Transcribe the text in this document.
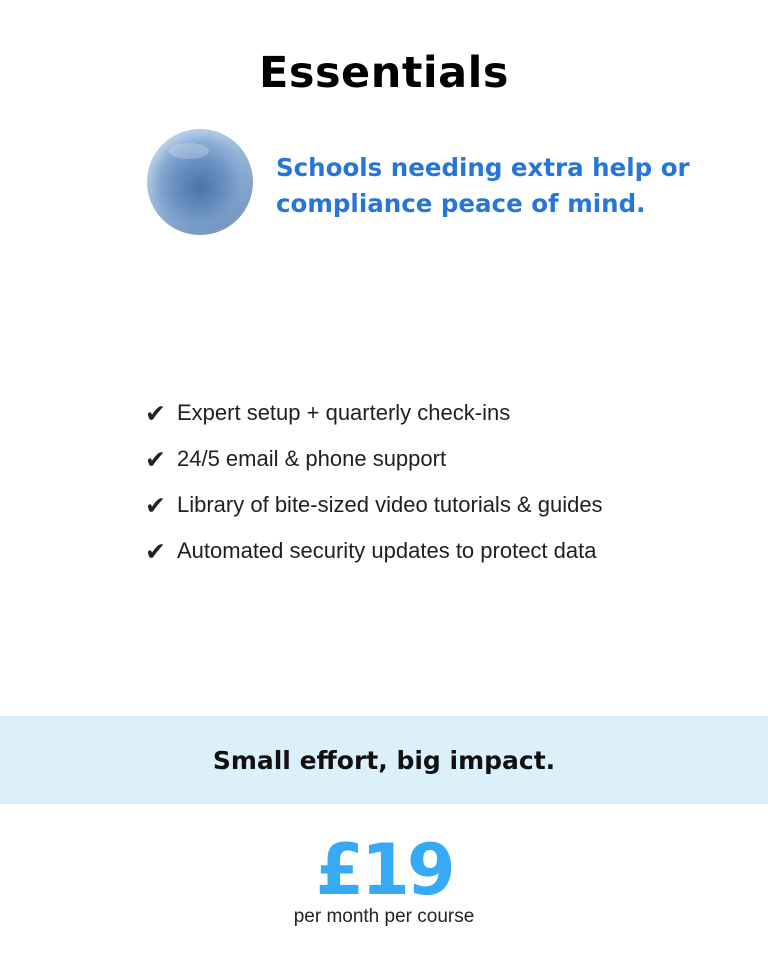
Essentials
Schools needing extra help or compliance peace of mind.
✔ Expert setup + quarterly check-ins
✔ 24/5 email & phone support
✔ Library of bite-sized video tutorials & guides
✔ Automated security updates to protect data
Small effort, big impact.
£19
per month per course
